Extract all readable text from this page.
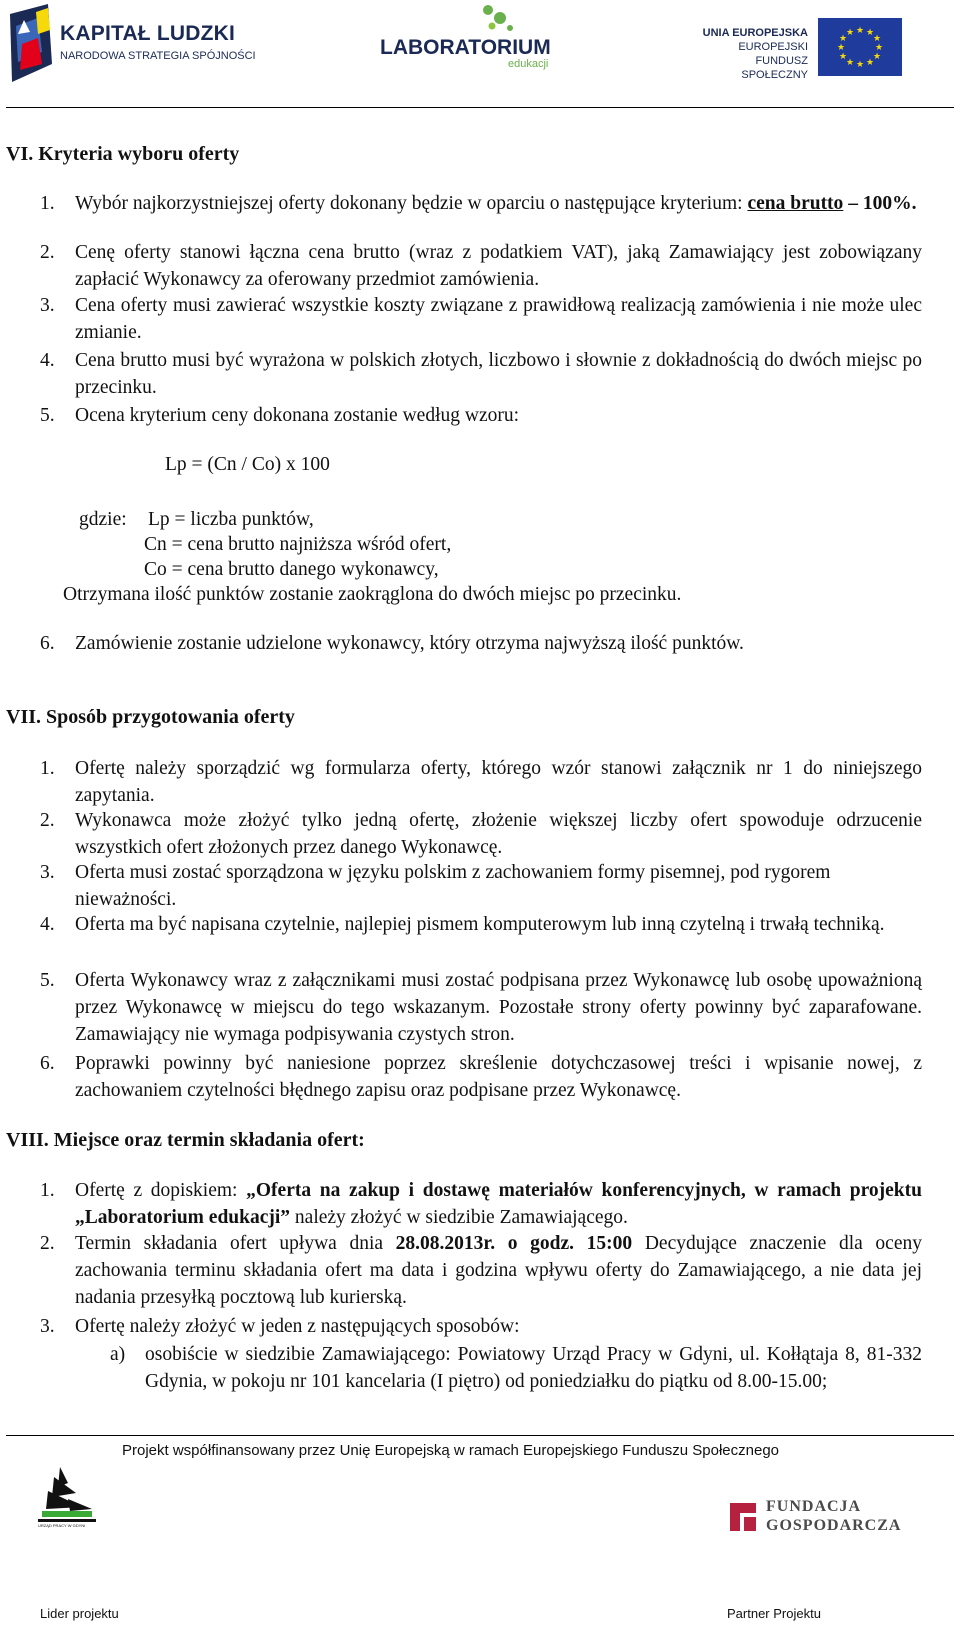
KAPITAŁ LUDZKI
NARODOWA STRATEGIA SPÓJNOŚCI	LABORATORIUM
edukacji
UNIA EUROPEJSKA
EUROPEJSKI
FUNDUSZ SPOŁECZNY
★ ★
★
★
★
★
★
★
★
★
★
★
VI. Kryteria wyboru oferty
1.	Wybór najkorzystniejszej oferty dokonany będzie w oparciu o następujące kryterium: cena brutto – 100%.
2.	Cenę oferty stanowi łączna cena brutto (wraz z podatkiem VAT), jaką Zamawiający jest zobowiązany zapłacić Wykonawcy za oferowany przedmiot zamówienia.
3.	Cena oferty musi zawierać wszystkie koszty związane z prawidłową realizacją zamówienia i nie może ulec zmianie.
4.	Cena brutto musi być wyrażona w polskich złotych, liczbowo i słownie z dokładnością do dwóch miejsc po przecinku.
5.	Ocena kryterium ceny dokonana zostanie według wzoru:
Lp = (Cn / Co) x 100
gdzie: Lp = liczba punktów,
Cn = cena brutto najniższa wśród ofert,
Co = cena brutto danego wykonawcy,
Otrzymana ilość punktów zostanie zaokrąglona do dwóch miejsc po przecinku.
6.	Zamówienie zostanie udzielone wykonawcy, który otrzyma najwyższą ilość punktów.
VII. Sposób przygotowania oferty
1.	Ofertę należy sporządzić wg formularza oferty, którego wzór stanowi załącznik nr 1 do niniejszego zapytania.
2.	Wykonawca może złożyć tylko jedną ofertę, złożenie większej liczby ofert spowoduje odrzucenie wszystkich ofert złożonych przez danego Wykonawcę.
3.	Oferta musi zostać sporządzona w języku polskim z zachowaniem formy pisemnej, pod rygorem nieważności.
4.	Oferta ma być napisana czytelnie, najlepiej pismem komputerowym lub inną czytelną i trwałą techniką.
5.	Oferta Wykonawcy wraz z załącznikami musi zostać podpisana przez Wykonawcę lub osobę upoważnioną przez Wykonawcę w miejscu do tego wskazanym. Pozostałe strony oferty powinny być zaparafowane. Zamawiający nie wymaga podpisywania czystych stron.
6.	Poprawki powinny być naniesione poprzez skreślenie dotychczasowej treści i wpisanie nowej, z zachowaniem czytelności błędnego zapisu oraz podpisane przez Wykonawcę.
VIII. Miejsce oraz termin składania ofert:
1.	Ofertę z dopiskiem: „Oferta na zakup i dostawę materiałów konferencyjnych, w ramach projektu „Laboratorium edukacji” należy złożyć w siedzibie Zamawiającego.
2.	Termin składania ofert upływa dnia 28.08.2013r. o godz. 15:00 Decydujące znaczenie dla oceny zachowania terminu składania ofert ma data i godzina wpływu oferty do Zamawiającego, a nie data jej nadania przesyłką pocztową lub kurierską.
3.	Ofertę należy złożyć w jeden z następujących sposobów:
a)	osobiście w siedzibie Zamawiającego: Powiatowy Urząd Pracy w Gdyni, ul. Kołłątaja 8, 81-332 Gdynia, w pokoju nr 101 kancelaria (I piętro) od poniedziałku do piątku od 8.00-15.00;
Projekt współfinansowany przez Unię Europejską w ramach Europejskiego Funduszu Społecznego
URZĄD PRACY W GDYNI
FUNDACJA
GOSPODARCZA
Lider projektu	Partner Projektu
